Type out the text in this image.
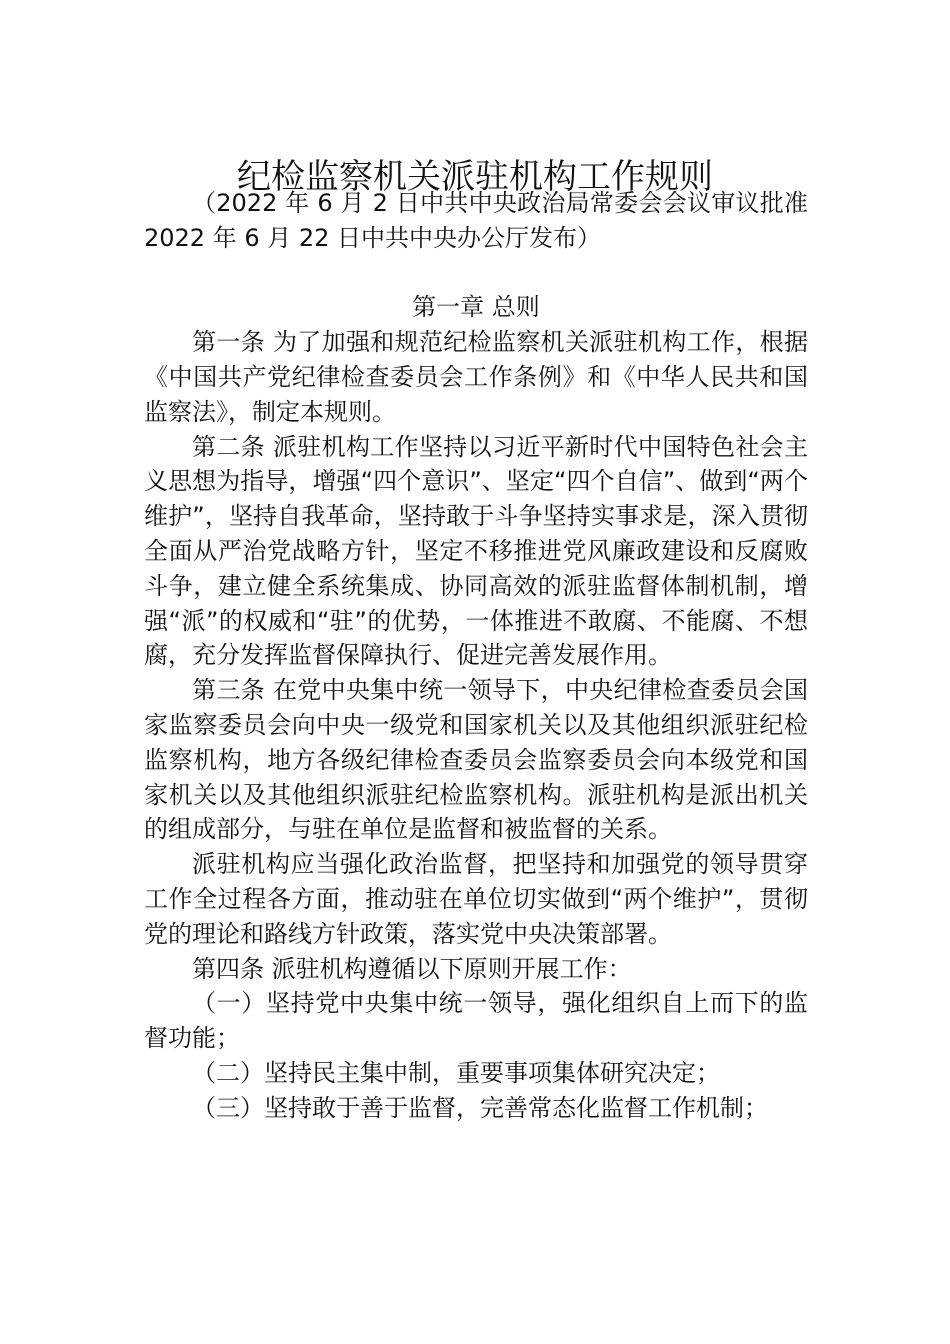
纪检监察机关派驻机构工作规则

（2022 年 6 月 2 日中共中央政治局常委会会议审议批准 2022 年 6 月 22 日中共中央办公厅发布）

第一章 总则

第一条 为了加强和规范纪检监察机关派驻机构工作，根据《中国共产党纪律检查委员会工作条例》和《中华人民共和国监察法》，制定本规则。

第二条 派驻机构工作坚持以习近平新时代中国特色社会主义思想为指导，增强“四个意识”、坚定“四个自信”、做到“两个维护”，坚持自我革命，坚持敢于斗争坚持实事求是，深入贯彻全面从严治党战略方针，坚定不移推进党风廉政建设和反腐败斗争，建立健全系统集成、协同高效的派驻监督体制机制，增强“派”的权威和“驻”的优势，一体推进不敢腐、不能腐、不想腐，充分发挥监督保障执行、促进完善发展作用。

第三条 在党中央集中统一领导下，中央纪律检查委员会国家监察委员会向中央一级党和国家机关以及其他组织派驻纪检监察机构，地方各级纪律检查委员会监察委员会向本级党和国家机关以及其他组织派驻纪检监察机构。派驻机构是派出机关的组成部分，与驻在单位是监督和被监督的关系。

派驻机构应当强化政治监督，把坚持和加强党的领导贯穿工作全过程各方面，推动驻在单位切实做到“两个维护”，贯彻党的理论和路线方针政策，落实党中央决策部署。

第四条 派驻机构遵循以下原则开展工作：

（一）坚持党中央集中统一领导，强化组织自上而下的监督功能；

（二）坚持民主集中制，重要事项集体研究决定；

（三）坚持敢于善于监督，完善常态化监督工作机制；
